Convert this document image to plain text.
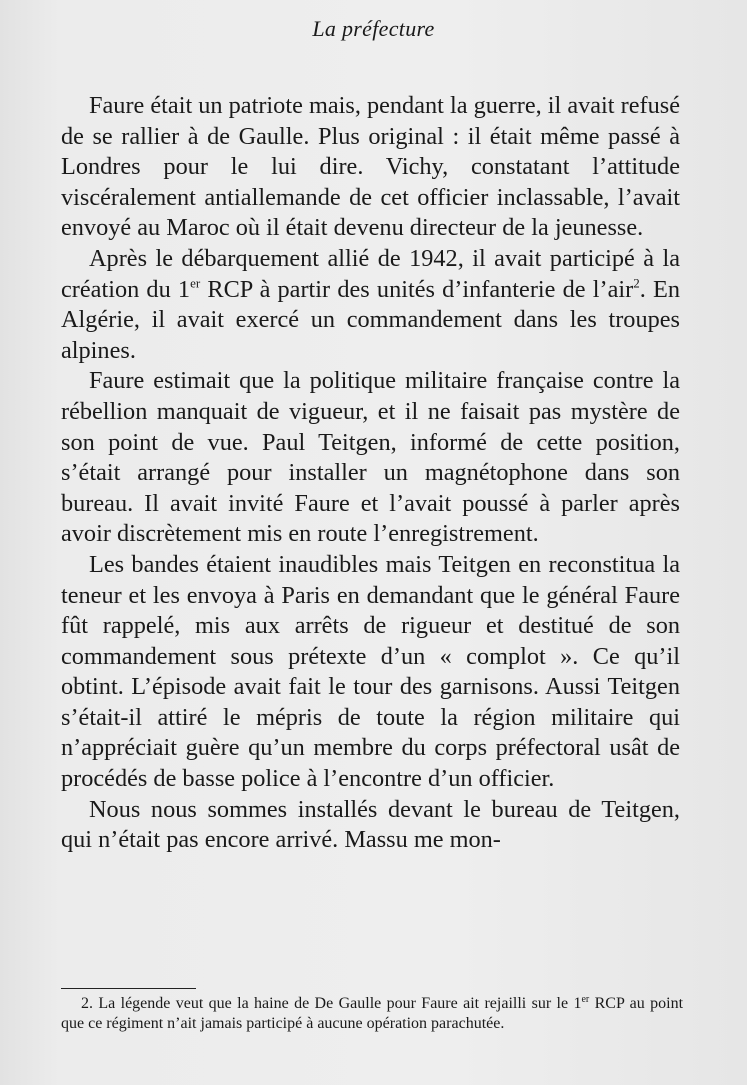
La préfecture

Faure était un patriote mais, pendant la guerre, il avait refusé de se rallier à de Gaulle. Plus original : il était même passé à Londres pour le lui dire. Vichy, constatant l’attitude viscéralement antiallemande de cet officier inclassable, l’avait envoyé au Maroc où il était devenu directeur de la jeunesse.

Après le débarquement allié de 1942, il avait participé à la création du 1er RCP à partir des unités d’infanterie de l’air$^2$. En Algérie, il avait exercé un commandement dans les troupes alpines.

Faure estimait que la politique militaire française contre la rébellion manquait de vigueur, et il ne faisait pas mystère de son point de vue. Paul Teitgen, informé de cette position, s’était arrangé pour installer un magnétophone dans son bureau. Il avait invité Faure et l’avait poussé à parler après avoir discrètement mis en route l’enregistrement.

Les bandes étaient inaudibles mais Teitgen en reconstitua la teneur et les envoya à Paris en demandant que le général Faure fût rappelé, mis aux arrêts de rigueur et destitué de son commandement sous prétexte d’un « complot ». Ce qu’il obtint. L’épisode avait fait le tour des garnisons. Aussi Teitgen s’était-il attiré le mépris de toute la région militaire qui n’appréciait guère qu’un membre du corps préfectoral usât de procédés de basse police à l’encontre d’un officier.

Nous nous sommes installés devant le bureau de Teitgen, qui n’était pas encore arrivé. Massu me mon-

2. La légende veut que la haine de De Gaulle pour Faure ait rejailli sur le 1er RCP au point que ce régiment n’ait jamais participé à aucune opération parachutée.
